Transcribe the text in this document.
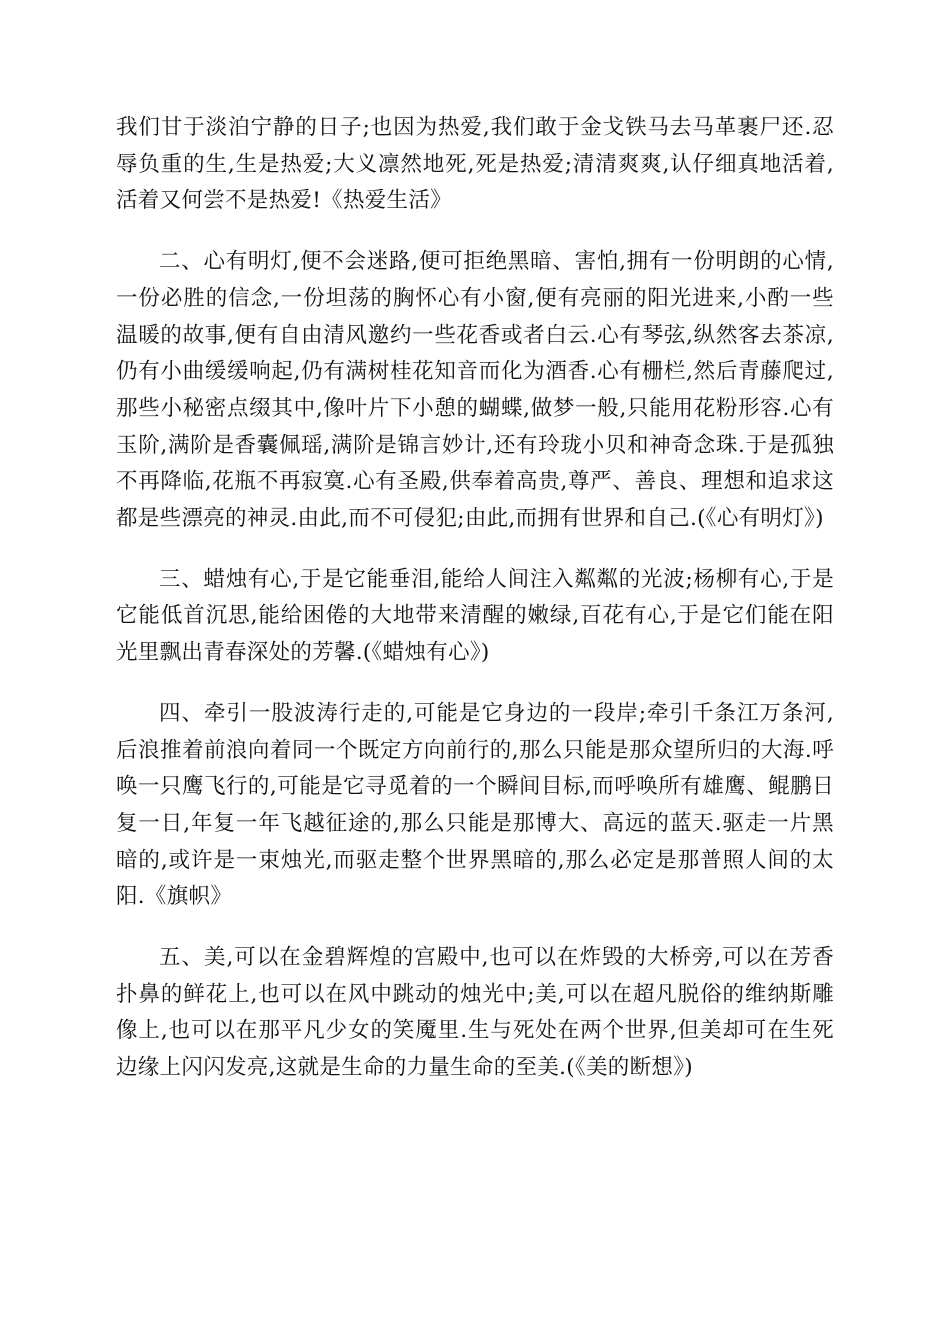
我们甘于淡泊宁静的日子;也因为热爱,我们敢于金戈铁马去马革裹尸还.忍辱负重的生,生是热爱;大义凛然地死,死是热爱;清清爽爽,认仔细真地活着,活着又何尝不是热爱!《热爱生活》

二、心有明灯,便不会迷路,便可拒绝黑暗、害怕,拥有一份明朗的心情,一份必胜的信念,一份坦荡的胸怀心有小窗,便有亮丽的阳光进来,小酌一些温暖的故事,便有自由清风邀约一些花香或者白云.心有琴弦,纵然客去茶凉,仍有小曲缓缓响起,仍有满树桂花知音而化为酒香.心有栅栏,然后青藤爬过,那些小秘密点缀其中,像叶片下小憩的蝴蝶,做梦一般,只能用花粉形容.心有玉阶,满阶是香囊佩瑶,满阶是锦言妙计,还有玲珑小贝和神奇念珠.于是孤独不再降临,花瓶不再寂寞.心有圣殿,供奉着高贵,尊严、善良、理想和追求这都是些漂亮的神灵.由此,而不可侵犯;由此,而拥有世界和自己.(《心有明灯》)

三、蜡烛有心,于是它能垂泪,能给人间注入粼粼的光波;杨柳有心,于是它能低首沉思,能给困倦的大地带来清醒的嫩绿,百花有心,于是它们能在阳光里飘出青春深处的芳馨.(《蜡烛有心》)

四、牵引一股波涛行走的,可能是它身边的一段岸;牵引千条江万条河,后浪推着前浪向着同一个既定方向前行的,那么只能是那众望所归的大海.呼唤一只鹰飞行的,可能是它寻觅着的一个瞬间目标,而呼唤所有雄鹰、鲲鹏日复一日,年复一年飞越征途的,那么只能是那博大、高远的蓝天.驱走一片黑暗的,或许是一束烛光,而驱走整个世界黑暗的,那么必定是那普照人间的太阳.《旗帜》

五、美,可以在金碧辉煌的宫殿中,也可以在炸毁的大桥旁,可以在芳香扑鼻的鲜花上,也可以在风中跳动的烛光中;美,可以在超凡脱俗的维纳斯雕像上,也可以在那平凡少女的笑魇里.生与死处在两个世界,但美却可在生死边缘上闪闪发亮,这就是生命的力量生命的至美.(《美的断想》)
